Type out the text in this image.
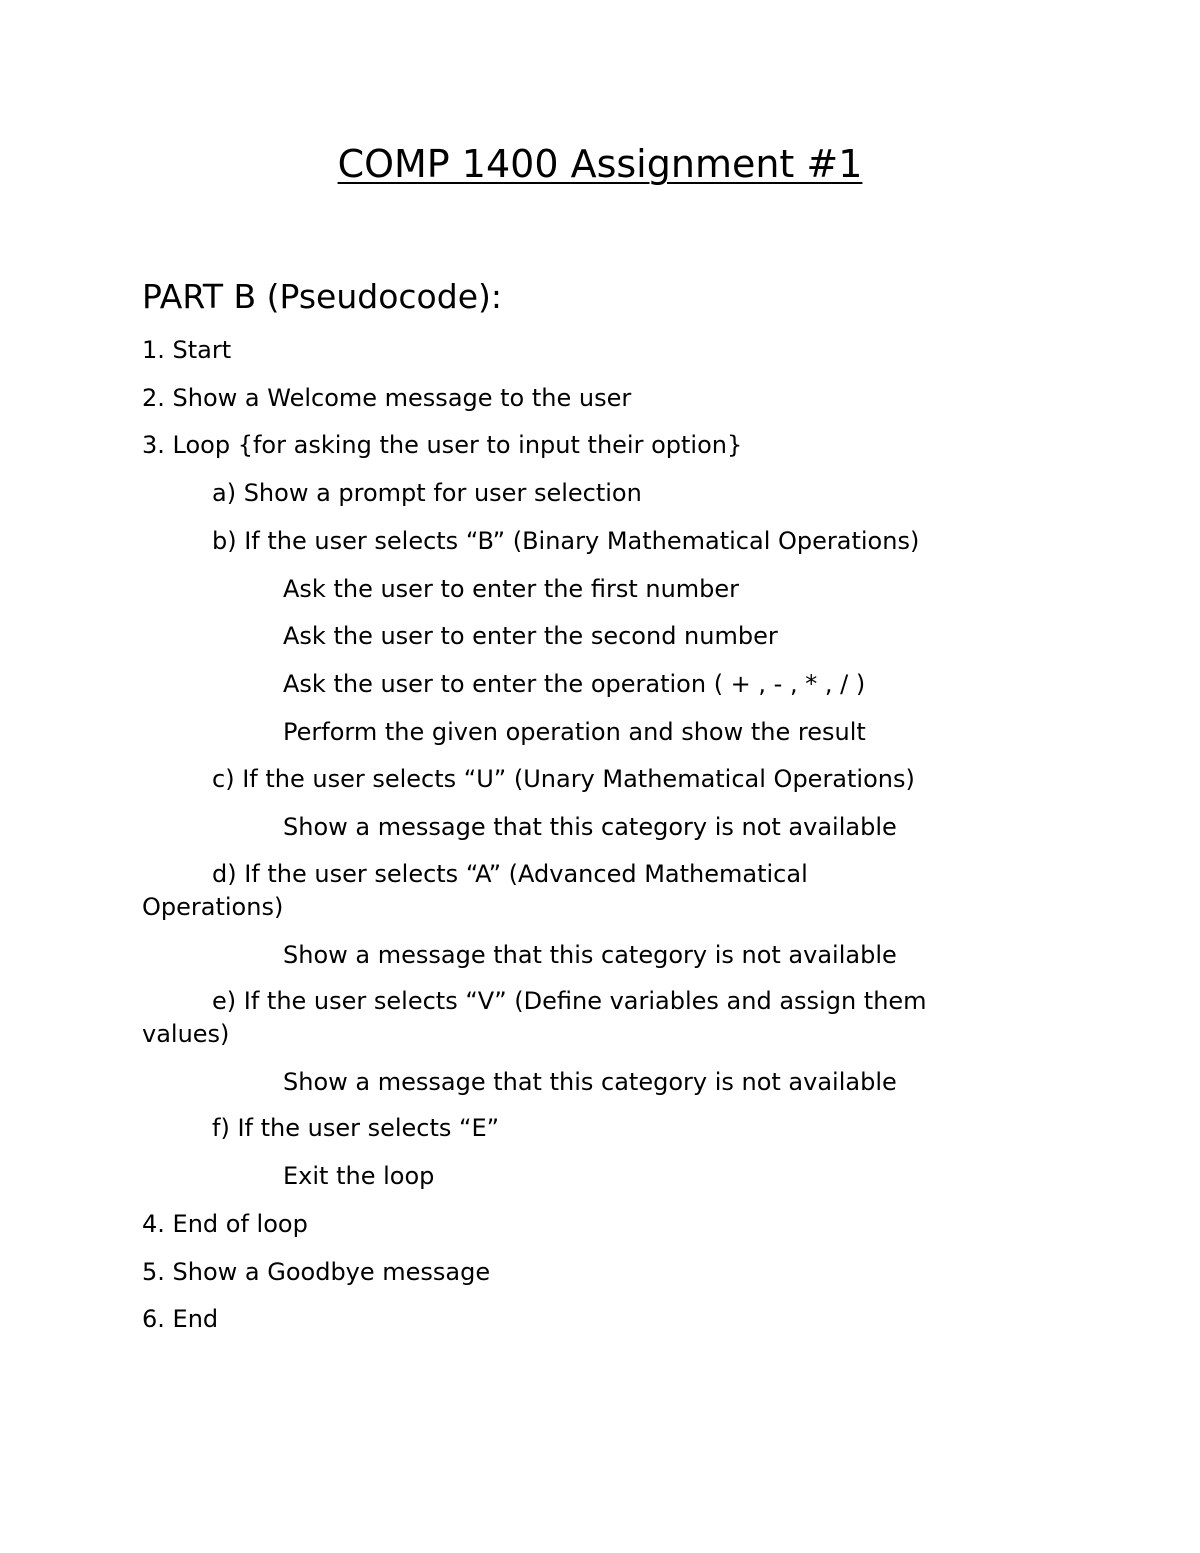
COMP 1400 Assignment #1
PART B (Pseudocode):
1. Start
2. Show a Welcome message to the user
3. Loop {for asking the user to input their option}
a) Show a prompt for user selection
b) If the user selects “B” (Binary Mathematical Operations)
Ask the user to enter the first number
Ask the user to enter the second number
Ask the user to enter the operation ( + , - , * , / )
Perform the given operation and show the result
c) If the user selects “U” (Unary Mathematical Operations)
Show a message that this category is not available
d) If the user selects “A” (Advanced Mathematical
Operations)
Show a message that this category is not available
e) If the user selects “V” (Define variables and assign them
values)
Show a message that this category is not available
f) If the user selects “E”
Exit the loop
4. End of loop
5. Show a Goodbye message
6. End
